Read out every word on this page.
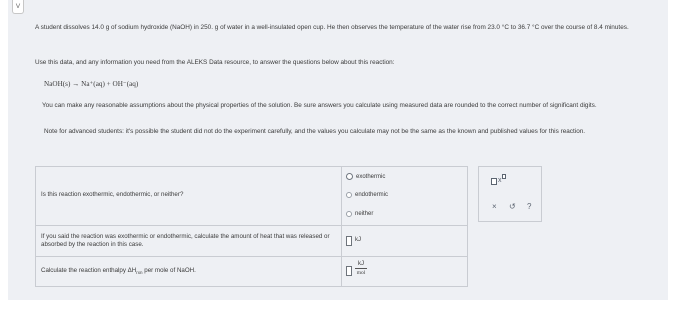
˅
A student dissolves 14.0 g of sodium hydroxide (NaOH) in 250. g of water in a well-insulated open cup. He then observes the temperature of the water rise from 23.0 °C to 36.7 °C over the course of 8.4 minutes.
Use this data, and any information you need from the ALEKS Data resource, to answer the questions below about this reaction:
NaOH(s) → Na⁺(aq) + OH⁻(aq)
You can make any reasonable assumptions about the physical properties of the solution. Be sure answers you calculate using measured data are rounded to the correct number of significant digits.
Note for advanced students: it's possible the student did not do the experiment carefully, and the values you calculate may not be the same as the known and published values for this reaction.
Is this reaction exothermic, endothermic, or neither?
exothermic
endothermic
neither
If you said the reaction was exothermic or endothermic, calculate the amount of heat that was released or absorbed by the reaction in this case.
kJ
Calculate the reaction enthalpy $\Delta H_{rxn}$ per mole of NaOH.
kJ
mol
x
× ↺ ?
